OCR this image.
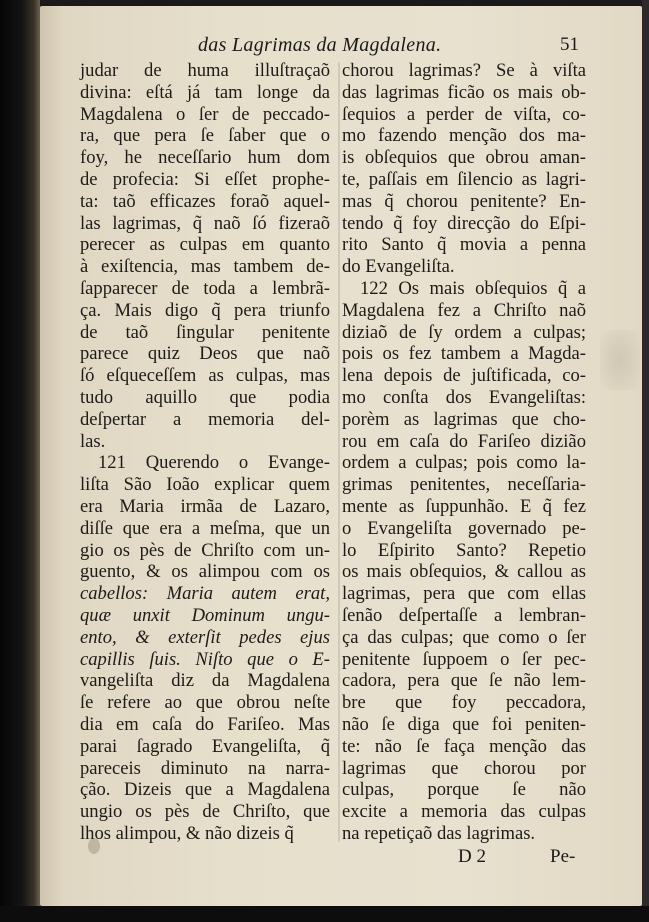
das Lagrimas da Magdalena.	51
judar de huma illuſtraçaõ
divina: eſtá já tam longe da
Magdalena o ſer de peccado-
ra, que pera ſe ſaber que o
foy, he neceſſario hum dom
de profecia: Si eſſet prophe-
ta: taõ efficazes foraõ aquel-
las lagrimas, q̃ naõ ſó fizeraõ
perecer as culpas em quanto
à exiſtencia, mas tambem de-
ſapparecer de toda a lembrã-
ça. Mais digo q̃ pera triunfo
de taõ ſingular penitente
parece quiz Deos que naõ
ſó eſqueceſſem as culpas, mas
tudo aquillo que podia
deſpertar a memoria del-
las.
121 Querendo o Evange-
liſta São Ioão explicar quem
era Maria irmãa de Lazaro,
diſſe que era a meſma, que un
gio os pès de Chriſto com un-
guento, & os alimpou com os
cabellos: Maria autem erat,
quæ unxit Dominum ungu-
ento, & exterſit pedes ejus
capillis ſuis. Niſto que o E-
vangeliſta diz da Magdalena
ſe refere ao que obrou neſte
dia em caſa do Fariſeo. Mas
parai ſagrado Evangeliſta, q̃
pareceis diminuto na narra-
ção. Dizeis que a Magdalena
ungio os pès de Chriſto, que
lhos alimpou, & não dizeis q̃
chorou lagrimas? Se à viſta
das lagrimas ficão os mais ob-
ſequios a perder de viſta, co-
mo fazendo menção dos ma-
is obſequios que obrou aman-
te, paſſais em ſilencio as lagri-
mas q̃ chorou penitente? En-
tendo q̃ foy direcção do Eſpi-
rito Santo q̃ movia a penna
do Evangeliſta.
122 Os mais obſequios q̃ a
Magdalena fez a Chriſto naõ
diziaõ de ſy ordem a culpas;
pois os fez tambem a Magda-
lena depois de juſtificada, co-
mo conſta dos Evangeliſtas:
porèm as lagrimas que cho-
rou em caſa do Fariſeo dizião
ordem a culpas; pois como la-
grimas penitentes, neceſſaria-
mente as ſuppunhão. E q̃ fez
o Evangeliſta governado pe-
lo Eſpirito Santo? Repetio
os mais obſequios, & callou as
lagrimas, pera que com ellas
ſenão deſpertaſſe a lembran-
ça das culpas; que como o ſer
penitente ſuppoem o ſer pec-
cadora, pera que ſe não lem-
bre que foy peccadora,
não ſe diga que foi peniten-
te: não ſe faça menção das
lagrimas que chorou por
culpas, porque ſe não
excite a memoria das culpas
na repetiçaõ das lagrimas.
D 2	Pe-
